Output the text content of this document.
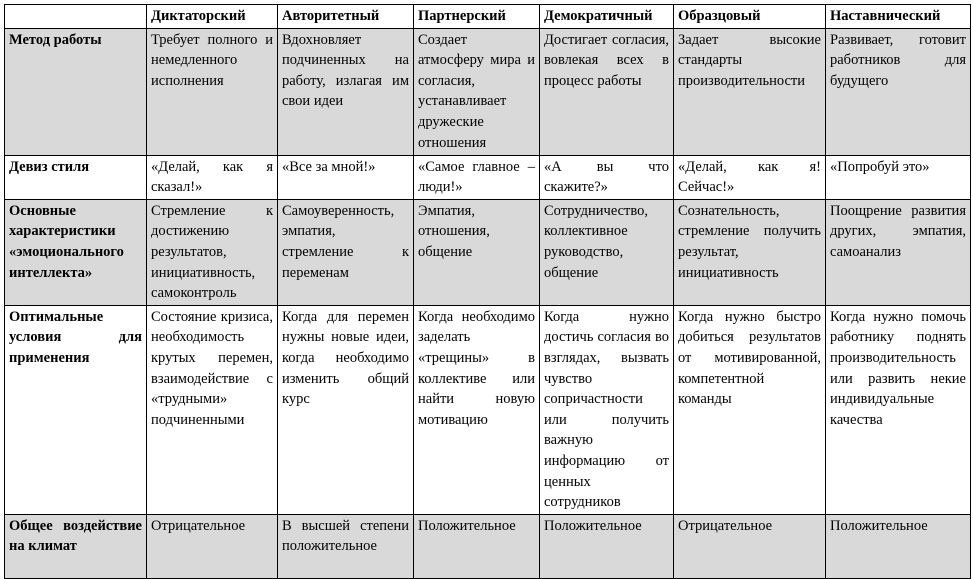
	Диктаторский	Авторитетный	Партнерский	Демократичный	Образцовый	Наставнический
Метод работы	Требует полного и немедленного исполнения	Вдохновляет подчиненных на работу, излагая им свои идеи	Создает атмосферу мира и согласия, устанавливает дружеские отношения	Достигает согласия, вовлекая всех в процесс работы	Задает высокие стандарты производительности	Развивает, готовит работников для будущего
Девиз стиля	«Делай, как я сказал!»	«Все за мной!»	«Самое главное – люди!»	«А вы что скажите?»	«Делай, как я! Сейчас!»	«Попробуй это»
Основные характеристики «эмоционального интеллекта»	Стремление к достижению результатов, инициативность, самоконтроль	Самоуверенность, эмпатия, стремление к переменам	Эмпатия, отношения, общение	Сотрудничество, коллективное руководство, общение	Сознательность, стремление получить результат, инициативность	Поощрение развития других, эмпатия, самоанализ
Оптимальные условия для применения	Состояние кризиса, необходимость крутых перемен, взаимодействие с «трудными» подчиненными	Когда для перемен нужны новые идеи, когда необходимо изменить общий курс	Когда необходимо заделать «трещины» в коллективе или найти новую мотивацию	Когда нужно достичь согласия во взглядах, вызвать чувство сопричастности или получить важную информацию от ценных сотрудников	Когда нужно быстро добиться результатов от мотивированной, компетентной команды	Когда нужно помочь работнику поднять производительность или развить некие индивидуальные качества
Общее воздействие на климат	Отрицательное	В высшей степени положительное	Положительное	Положительное	Отрицательное	Положительное
